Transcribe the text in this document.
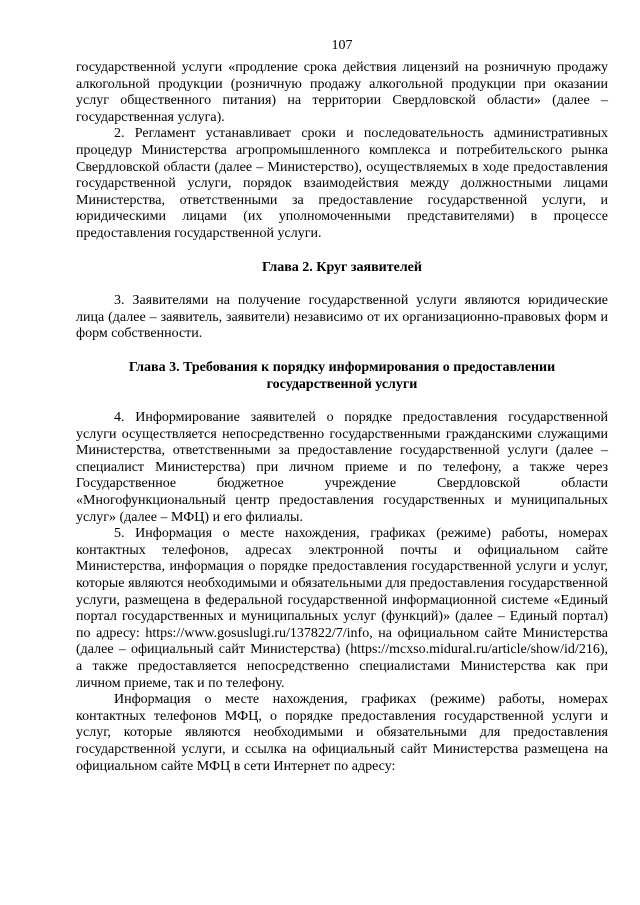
107

государственной услуги «продление срока действия лицензий на розничную продажу алкогольной продукции (розничную продажу алкогольной продукции при оказании услуг общественного питания) на территории Свердловской области» (далее – государственная услуга).

2. Регламент устанавливает сроки и последовательность административных процедур Министерства агропромышленного комплекса и потребительского рынка Свердловской области (далее – Министерство), осуществляемых в ходе предоставления государственной услуги, порядок взаимодействия между должностными лицами Министерства, ответственными за предоставление государственной услуги, и юридическими лицами (их уполномоченными представителями) в процессе предоставления государственной услуги.

Глава 2. Круг заявителей

3. Заявителями на получение государственной услуги являются юридические лица (далее – заявитель, заявители) независимо от их организационно-правовых форм и форм собственности.

Глава 3. Требования к порядку информирования о предоставлении
государственной услуги

4. Информирование заявителей о порядке предоставления государственной услуги осуществляется непосредственно государственными гражданскими служащими Министерства, ответственными за предоставление государственной услуги (далее – специалист Министерства) при личном приеме и по телефону, а также через Государственное бюджетное учреждение Свердловской области «Многофункциональный центр предоставления государственных и муниципальных услуг» (далее – МФЦ) и его филиалы.

5. Информация о месте нахождения, графиках (режиме) работы, номерах контактных телефонов, адресах электронной почты и официальном сайте Министерства, информация о порядке предоставления государственной услуги и услуг, которые являются необходимыми и обязательными для предоставления государственной услуги, размещена в федеральной государственной информационной системе «Единый портал государственных и муниципальных услуг (функций)» (далее – Единый портал) по адресу: https://www.gosuslugi.ru/137822/7/info, на официальном сайте Министерства (далее – официальный сайт Министерства) (https://mcxso.midural.ru/article/show/id/216), а также предоставляется непосредственно специалистами Министерства как при личном приеме, так и по телефону.

Информация о месте нахождения, графиках (режиме) работы, номерах контактных телефонов МФЦ, о порядке предоставления государственной услуги и услуг, которые являются необходимыми и обязательными для предоставления государственной услуги, и ссылка на официальный сайт Министерства размещена на официальном сайте МФЦ в сети Интернет по адресу:
